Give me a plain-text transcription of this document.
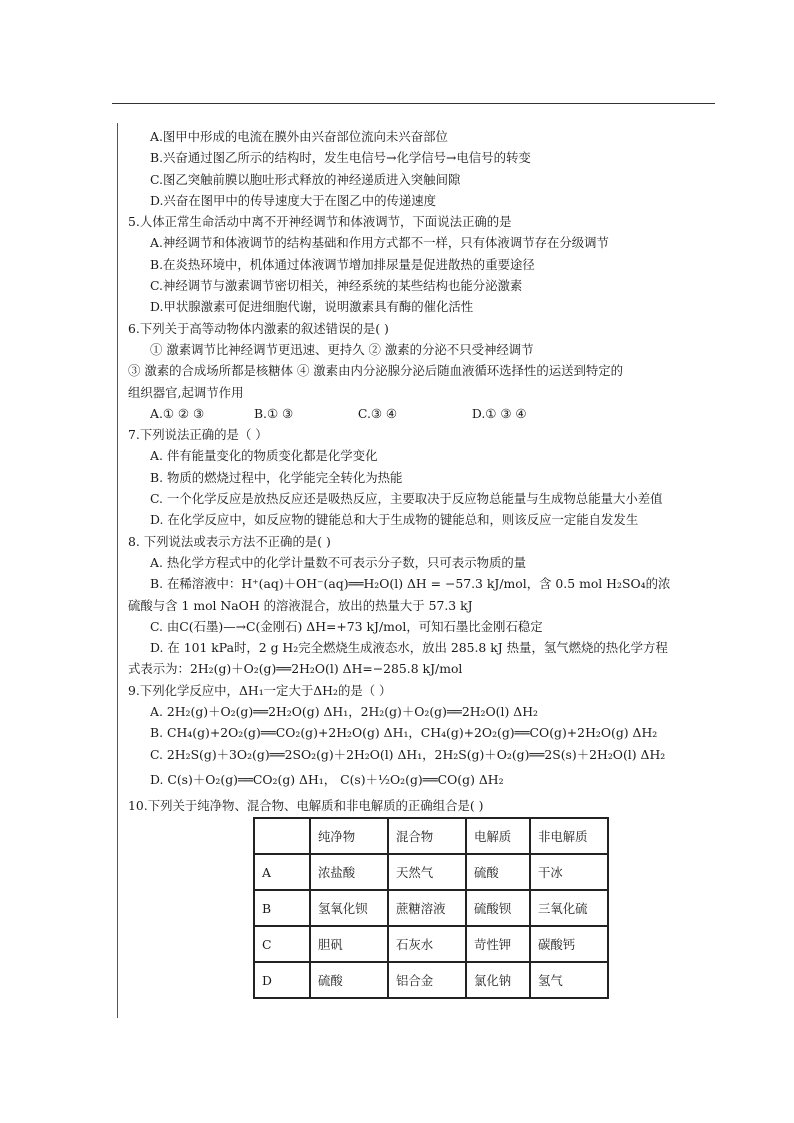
A.图甲中形成的电流在膜外由兴奋部位流向未兴奋部位
B.兴奋通过图乙所示的结构时，发生电信号→化学信号→电信号的转变
C.图乙突触前膜以胞吐形式释放的神经递质进入突触间隙
D.兴奋在图甲中的传导速度大于在图乙中的传递速度
5.人体正常生命活动中离不开神经调节和体液调节，下面说法正确的是
A.神经调节和体液调节的结构基础和作用方式都不一样，只有体液调节存在分级调节
B.在炎热环境中，机体通过体液调节增加排尿量是促进散热的重要途径
C.神经调节与激素调节密切相关，神经系统的某些结构也能分泌激素
D.甲状腺激素可促进细胞代谢，说明激素具有酶的催化活性
6.下列关于高等动物体内激素的叙述错误的是( )
① 激素调节比神经调节更迅速、更持久 ② 激素的分泌不只受神经调节
③ 激素的合成场所都是核糖体 ④ 激素由内分泌腺分泌后随血液循环选择性的运送到特定的
组织器官,起调节作用
A.① ② ③	B.① ③	C.③ ④	D.① ③ ④
7.下列说法正确的是（ ）
A. 伴有能量变化的物质变化都是化学变化
B. 物质的燃烧过程中，化学能完全转化为热能
C. 一个化学反应是放热反应还是吸热反应，主要取决于反应物总能量与生成物总能量大小差值
D. 在化学反应中，如反应物的键能总和大于生成物的键能总和，则该反应一定能自发发生
8. 下列说法或表示方法不正确的是( )
A. 热化学方程式中的化学计量数不可表示分子数，只可表示物质的量
B. 在稀溶液中：H⁺(aq)＋OH⁻(aq)══H₂O(l) ΔH = −57.3 kJ/mol，含 0.5 mol H₂SO₄的浓
硫酸与含 1 mol NaOH 的溶液混合，放出的热量大于 57.3 kJ
C. 由C(石墨)—→C(金刚石) ΔH=+73 kJ/mol，可知石墨比金刚石稳定
D. 在 101 kPa时，2 g H₂完全燃烧生成液态水，放出 285.8 kJ 热量，氢气燃烧的热化学方程
式表示为：2H₂(g)＋O₂(g)══2H₂O(l) ΔH=−285.8 kJ/mol
9.下列化学反应中，ΔH₁一定大于ΔH₂的是（ ）
A. 2H₂(g)＋O₂(g)══2H₂O(g) ΔH₁，2H₂(g)＋O₂(g)══2H₂O(l) ΔH₂
B. CH₄(g)+2O₂(g)══CO₂(g)+2H₂O(g) ΔH₁，CH₄(g)+2O₂(g)══CO(g)+2H₂O(g) ΔH₂
C. 2H₂S(g)＋3O₂(g)══2SO₂(g)＋2H₂O(l) ΔH₁，2H₂S(g)＋O₂(g)══2S(s)＋2H₂O(l) ΔH₂
D. C(s)＋O₂(g)══CO₂(g) ΔH₁， C(s)＋½O₂(g)══CO(g) ΔH₂
10.下列关于纯净物、混合物、电解质和非电解质的正确组合是( )
	纯净物	混合物	电解质	非电解质
A	浓盐酸	天然气	硫酸	干冰
B	氢氧化钡	蔗糖溶液	硫酸钡	三氧化硫
C	胆矾	石灰水	苛性钾	碳酸钙
D	硫酸	铝合金	氯化钠	氢气
